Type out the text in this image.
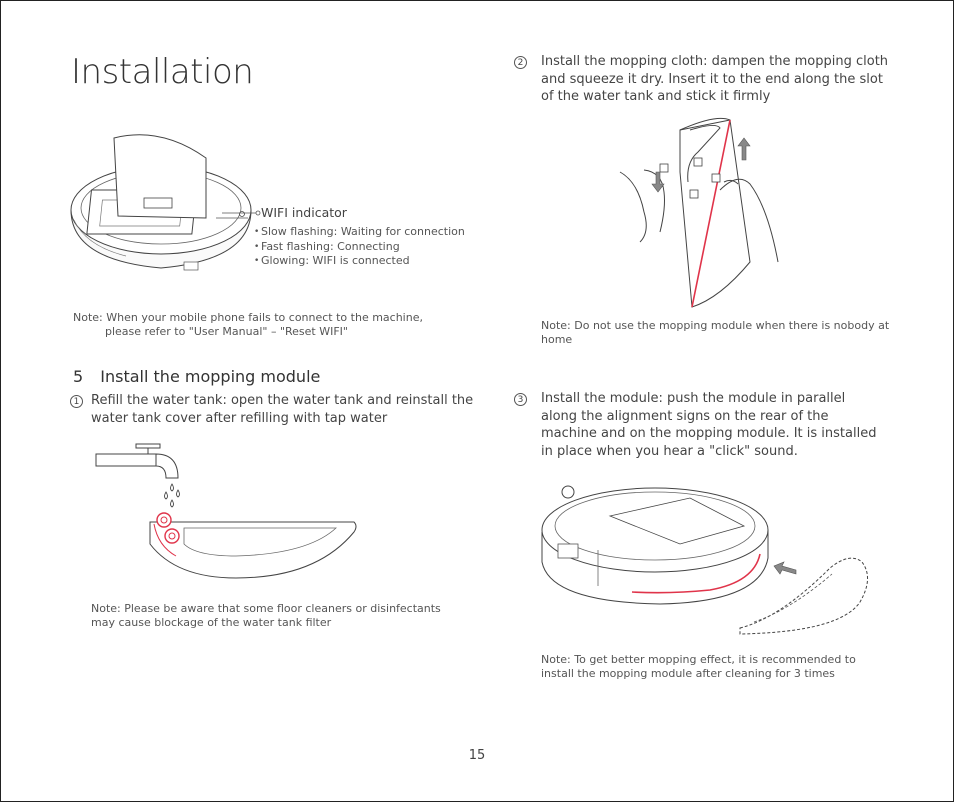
Installation
WIFI indicator
• Slow flashing: Waiting for connection
• Fast flashing: Connecting
• Glowing: WIFI is connected
Note: When your mobile phone fails to connect to the machine,
please refer to "User Manual" – "Reset WIFI"
5 Install the mopping module
1 Refill the water tank: open the water tank and reinstall the water tank cover after refilling with tap water
Note: Please be aware that some floor cleaners or disinfectants may cause blockage of the water tank filter
2 Install the mopping cloth: dampen the mopping cloth and squeeze it dry. Insert it to the end along the slot of the water tank and stick it firmly
Note: Do not use the mopping module when there is nobody at home
3 Install the module: push the module in parallel along the alignment signs on the rear of the machine and on the mopping module. It is installed in place when you hear a "click" sound.
Note: To get better mopping effect, it is recommended to install the mopping module after cleaning for 3 times
15
